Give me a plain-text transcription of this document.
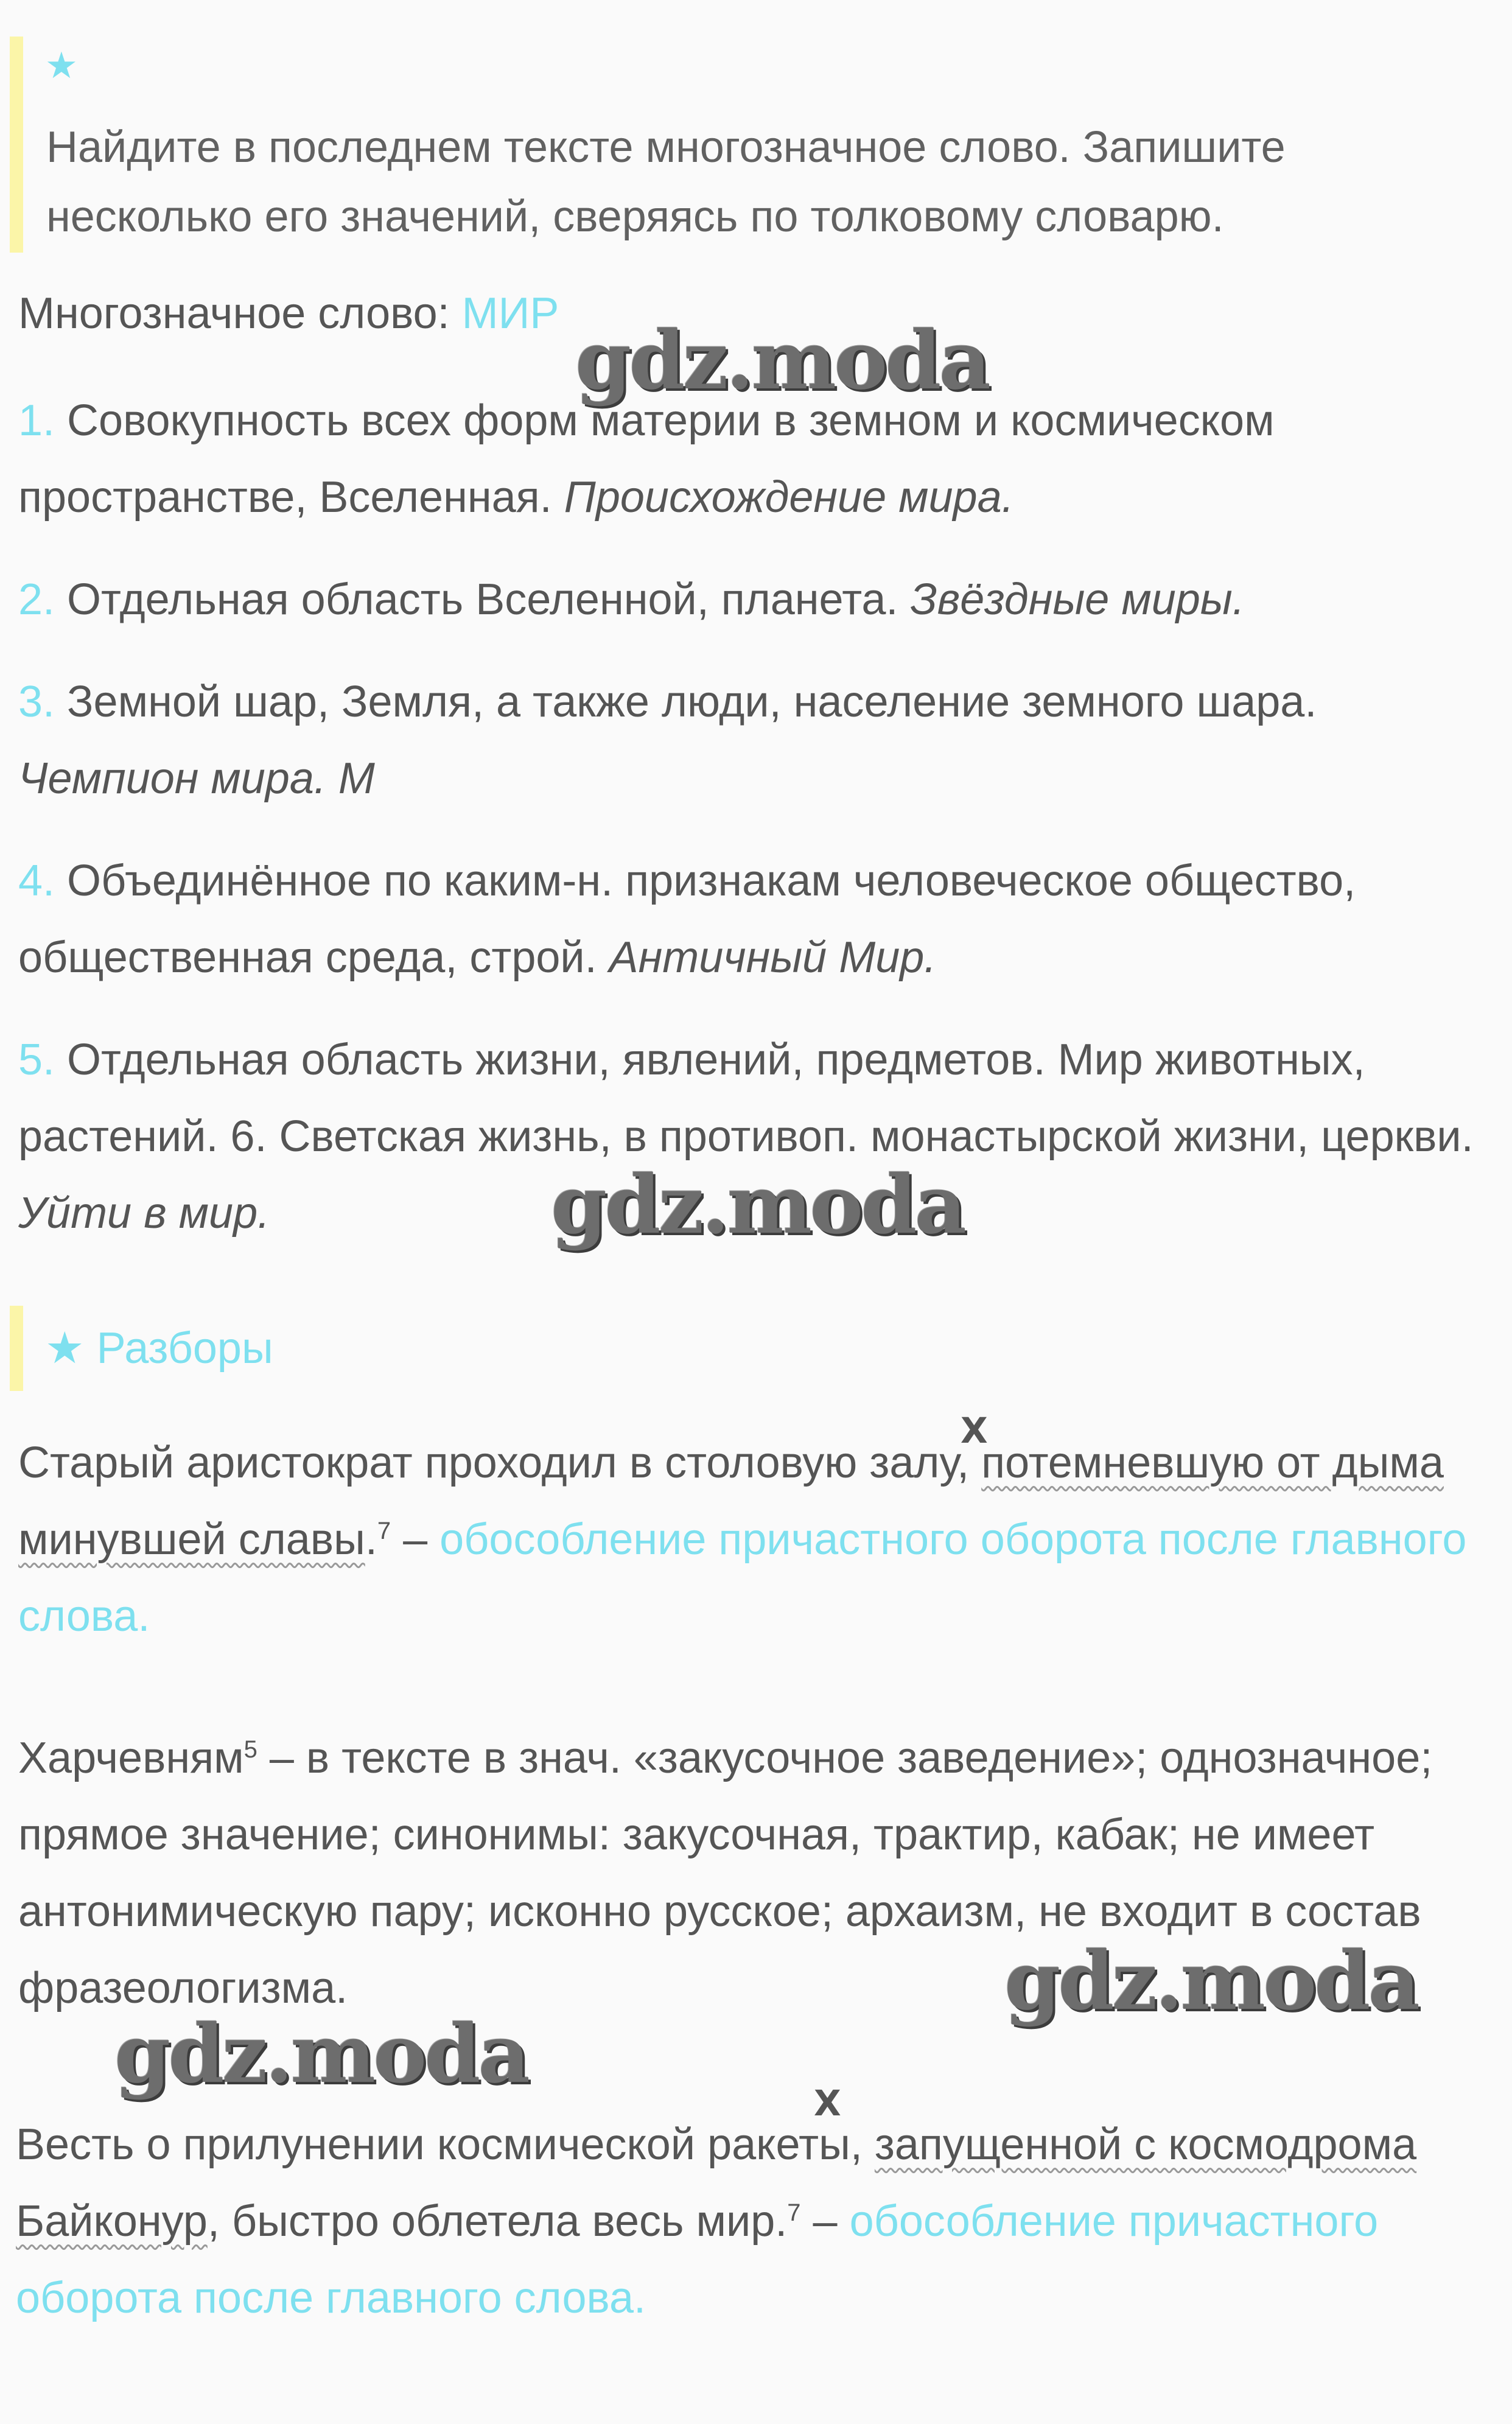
★
Найдите в последнем тексте многозначное слово. Запишите несколько его значений, сверяясь по толковому словарю.
Многозначное слово: МИР
1. Совокупность всех форм материи в земном и космическом пространстве, Вселенная. Происхождение мира.
2. Отдельная область Вселенной, планета. Звёздные миры.
3. Земной шар, Земля, а также люди, население земного шара. Чемпион мира. М
4. Объединённое по каким-н. признакам человеческое общество, общественная среда, строй. Античный Мир.
5. Отдельная область жизни, явлений, предметов. Мир животных, растений. 6. Светская жизнь, в противоп. монастырской жизни, церкви. Уйти в мир.
★ Разборы
Х
Старый аристократ проходил в столовую залу, потемневшую от дыма минувшей славы.$^7$ – обособление причастного оборота после главного слова.
Харчевням$^5$ – в тексте в знач. «закусочное заведение»; однозначное; прямое значение; синонимы: закусочная, трактир, кабак; не имеет антонимическую пару; исконно русское; архаизм, не входит в состав фразеологизма.
Х
Весть о прилунении космической ракеты, запущенной с космодрома Байконур, быстро облетела весь мир.$^7$ – обособление причастного оборота после главного слова.
gdz.moda
gdz.moda
gdz.moda
gdz.moda
